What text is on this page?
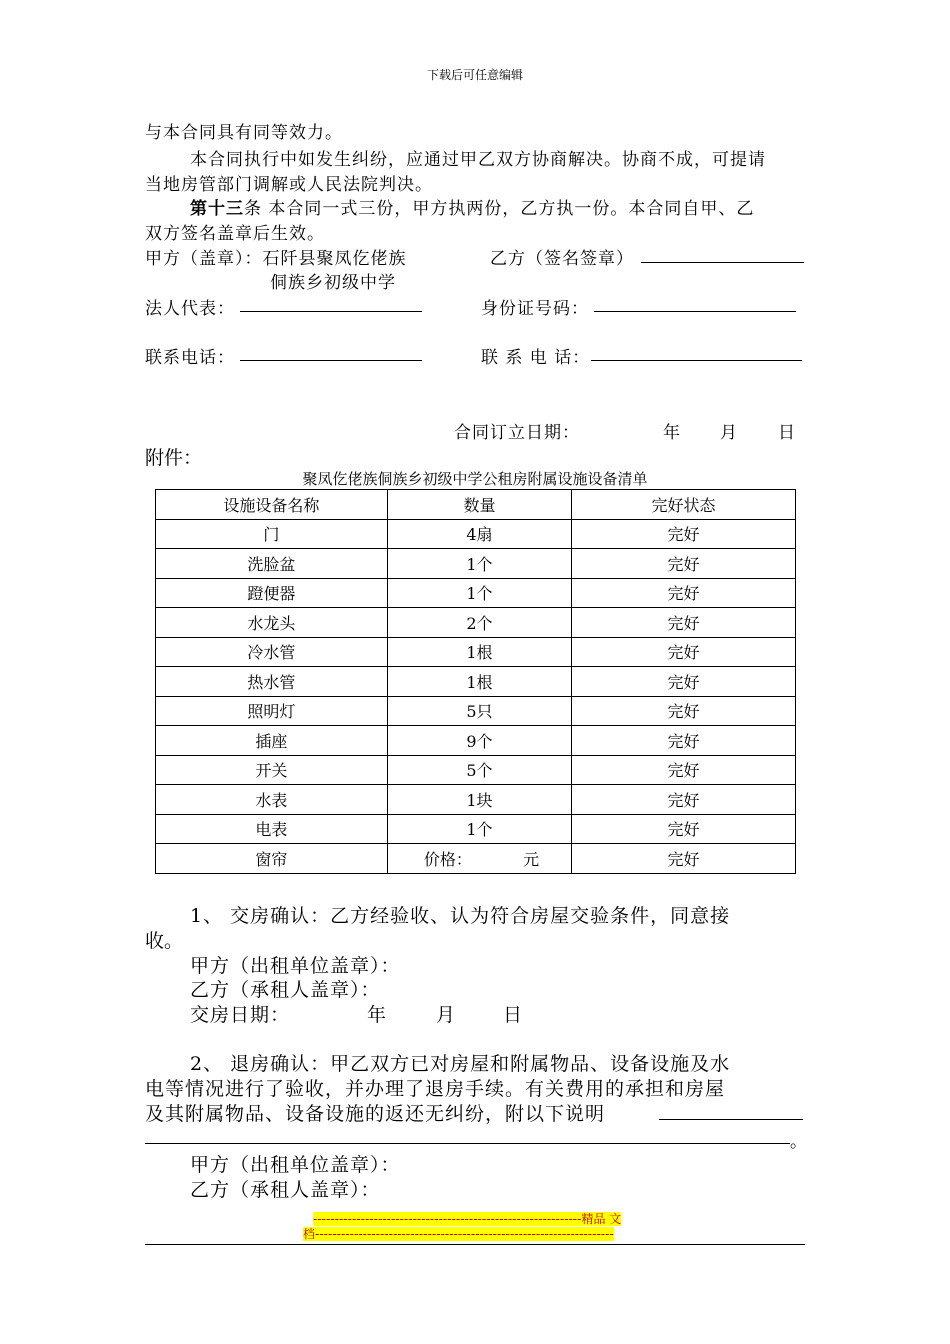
下载后可任意编辑
与本合同具有同等效力。
本合同执行中如发生纠纷，应通过甲乙双方协商解决。协商不成，可提请
当地房管部门调解或人民法院判决。
第十三条 本合同一式三份，甲方执两份，乙方执一份。本合同自甲、乙
双方签名盖章后生效。
甲方（盖章）：石阡县聚凤仡佬族
侗族乡初级中学
乙方（签名签章）
法人代表：	身份证号码：
联系电话：	联 系 电 话：
合同订立日期：	年 月 日
附件：
聚凤仡佬族侗族乡初级中学公租房附属设施设备清单
设施设备名称	数量	完好状态
门	4扇	完好
洗脸盆	1个	完好
蹬便器	1个	完好
水龙头	2个	完好
冷水管	1根	完好
热水管	1根	完好
照明灯	5只	完好
插座	9个	完好
开关	5个	完好
水表	1块	完好
电表	1个	完好
窗帘	价格： 元	完好
1、 交房确认：乙方经验收、认为符合房屋交验条件，同意接
收。
甲方（出租单位盖章）：
乙方（承租人盖章）：
交房日期：	年	月	日
2、 退房确认：甲乙双方已对房屋和附属物品、设备设施及水
电等情况进行了验收，并办理了退房手续。有关费用的承担和房屋
及其附属物品、设备设施的返还无纠纷，附以下说明
。
甲方（出租单位盖章）：
乙方（承租人盖章）：
--------------------------------------------------------------精品 文
档---------------------------------------------------------------------
